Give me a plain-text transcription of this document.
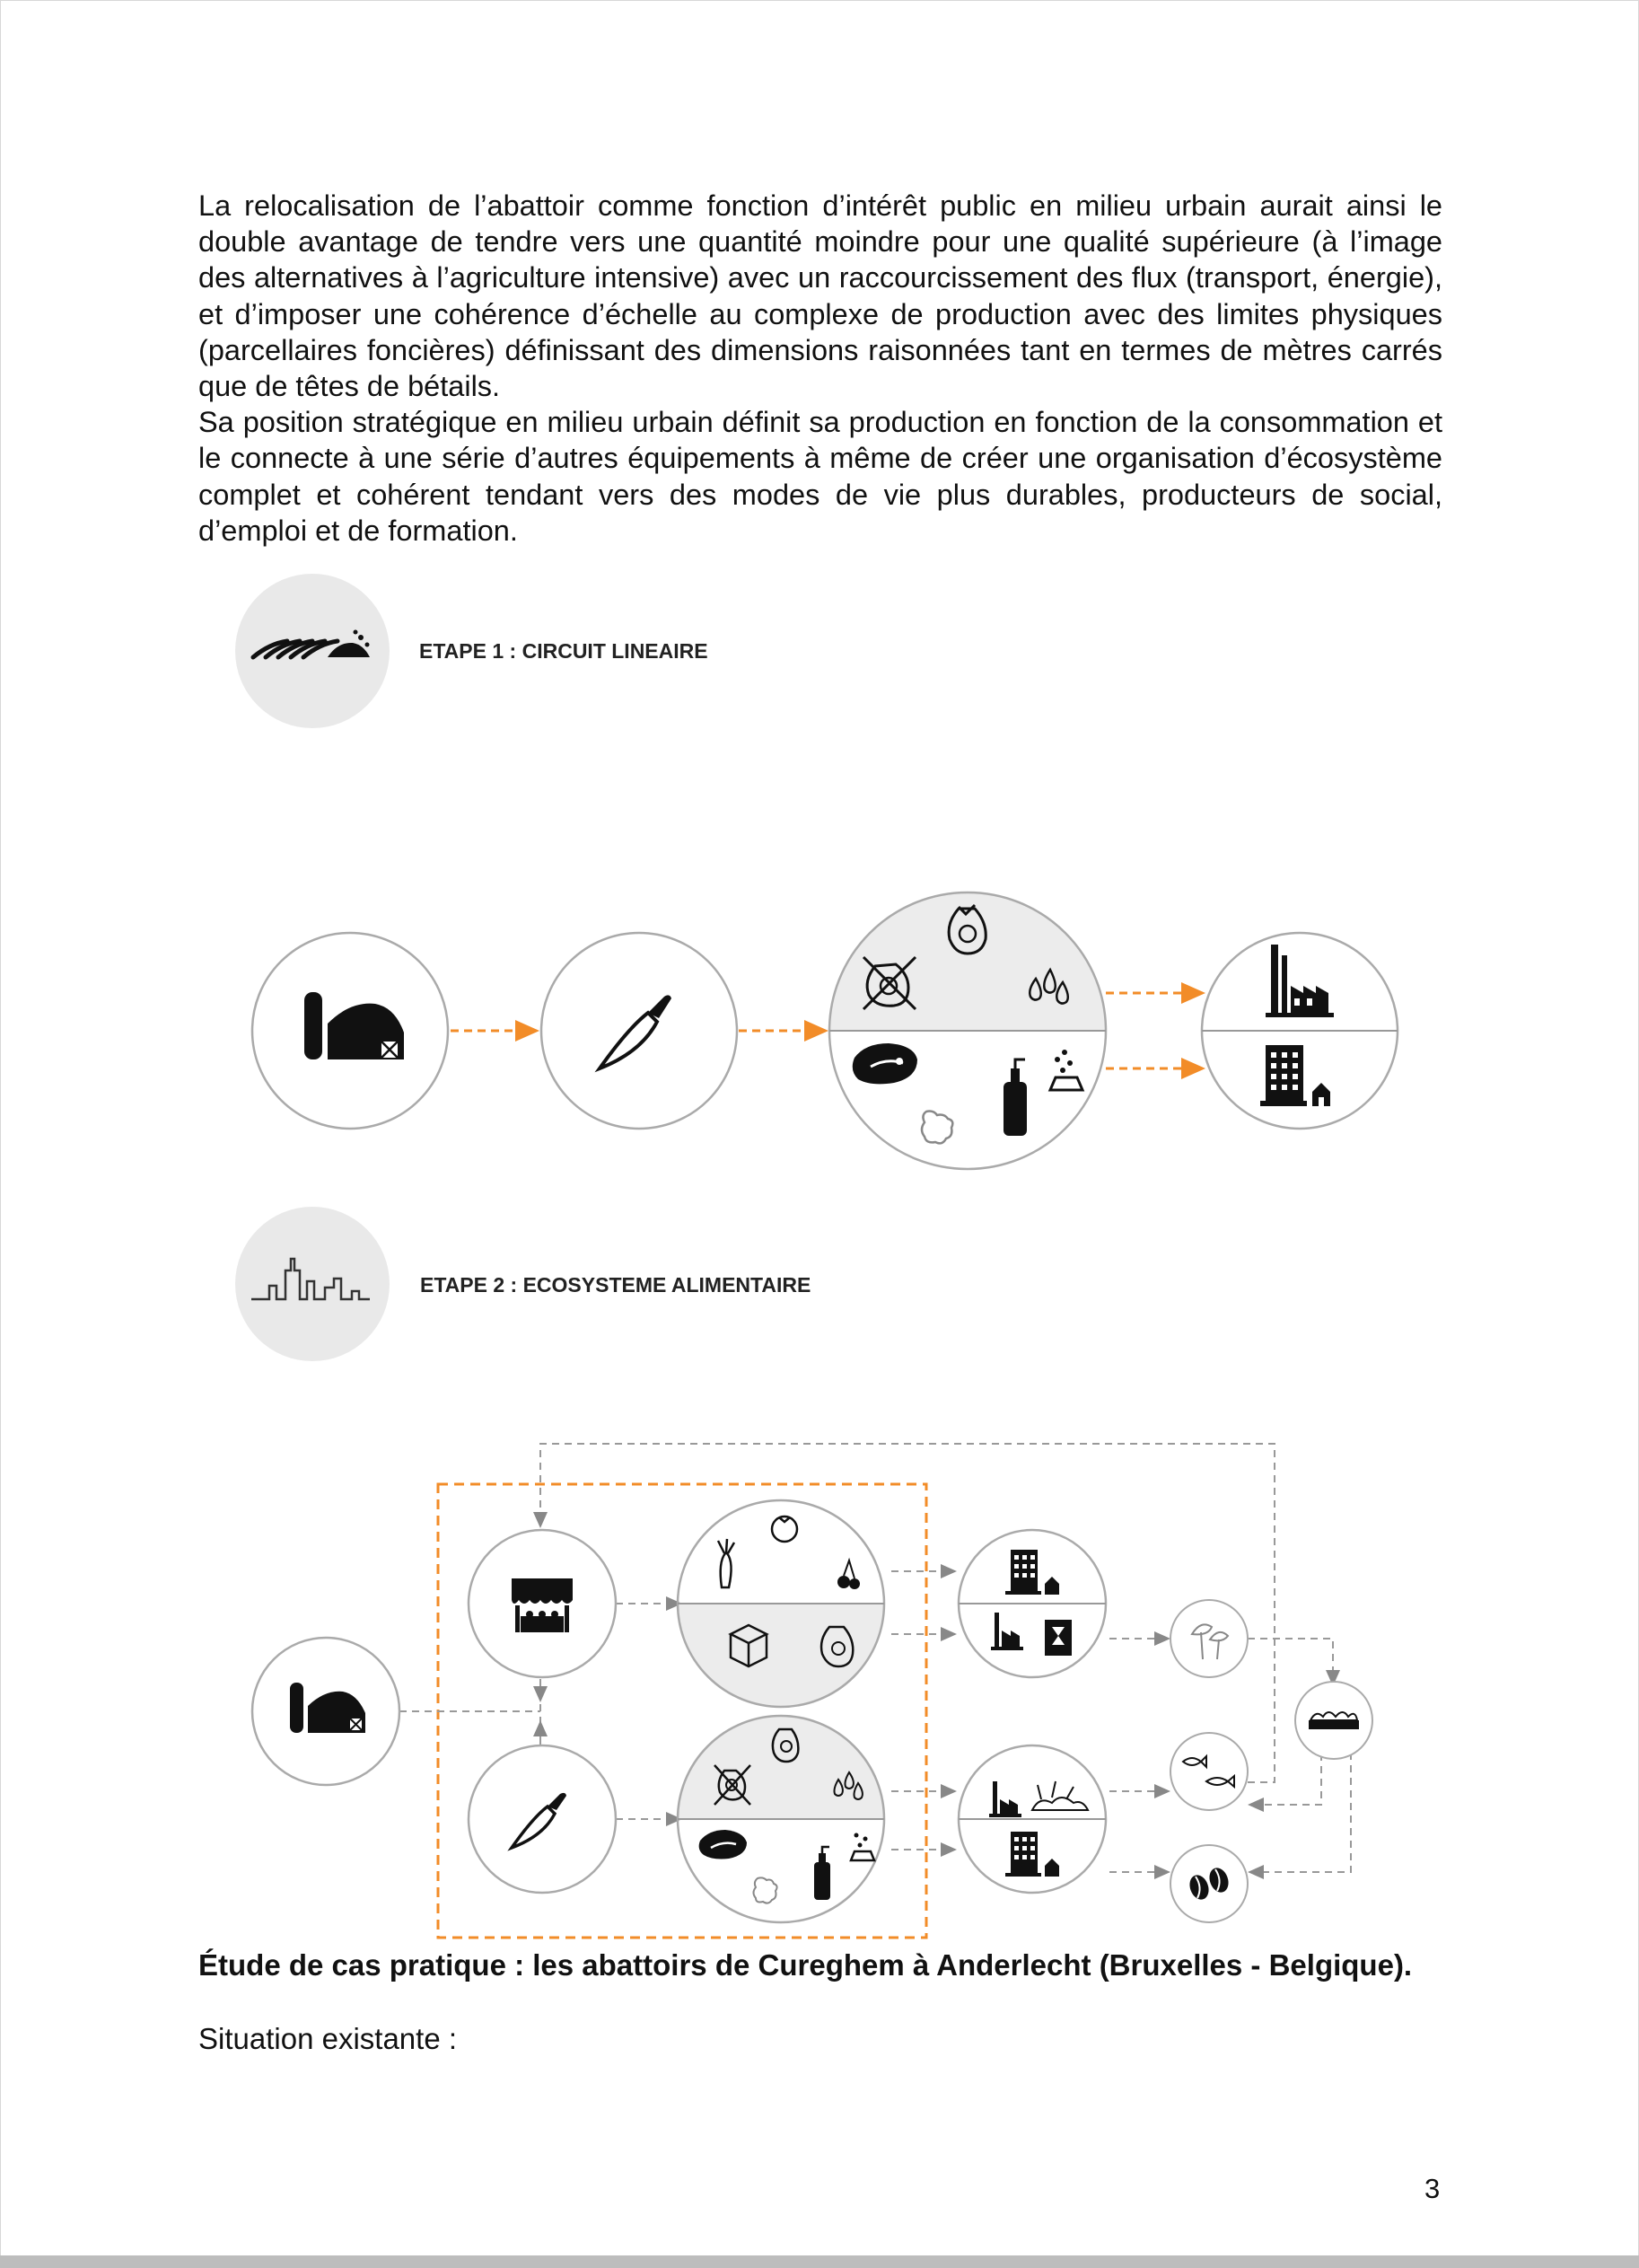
La relocalisation de l’abattoir comme fonction d’intérêt public en milieu urbain aurait ainsi le double avantage de tendre vers une quantité moindre pour une qualité supérieure (à l’image des alternatives à l’agriculture intensive) avec un raccourcissement des flux (transport, énergie), et d’imposer une cohérence d’échelle au complexe de production avec des limites physiques (parcellaires foncières) définissant des dimensions raisonnées tant en termes de mètres carrés que de têtes de bétails.

Sa position stratégique en milieu urbain définit sa production en fonction de la consommation et le connecte à une série d’autres équipements à même de créer une organisation d’écosystème complet et cohérent tendant vers des modes de vie plus durables, producteurs de social, d’emploi et de formation.

ETAPE 1 : CIRCUIT LINEAIRE
ETAPE 2 : ECOSYSTEME ALIMENTAIRE
Étude de cas pratique : les abattoirs de Cureghem à Anderlecht (Bruxelles - Belgique).
Situation existante :
3
